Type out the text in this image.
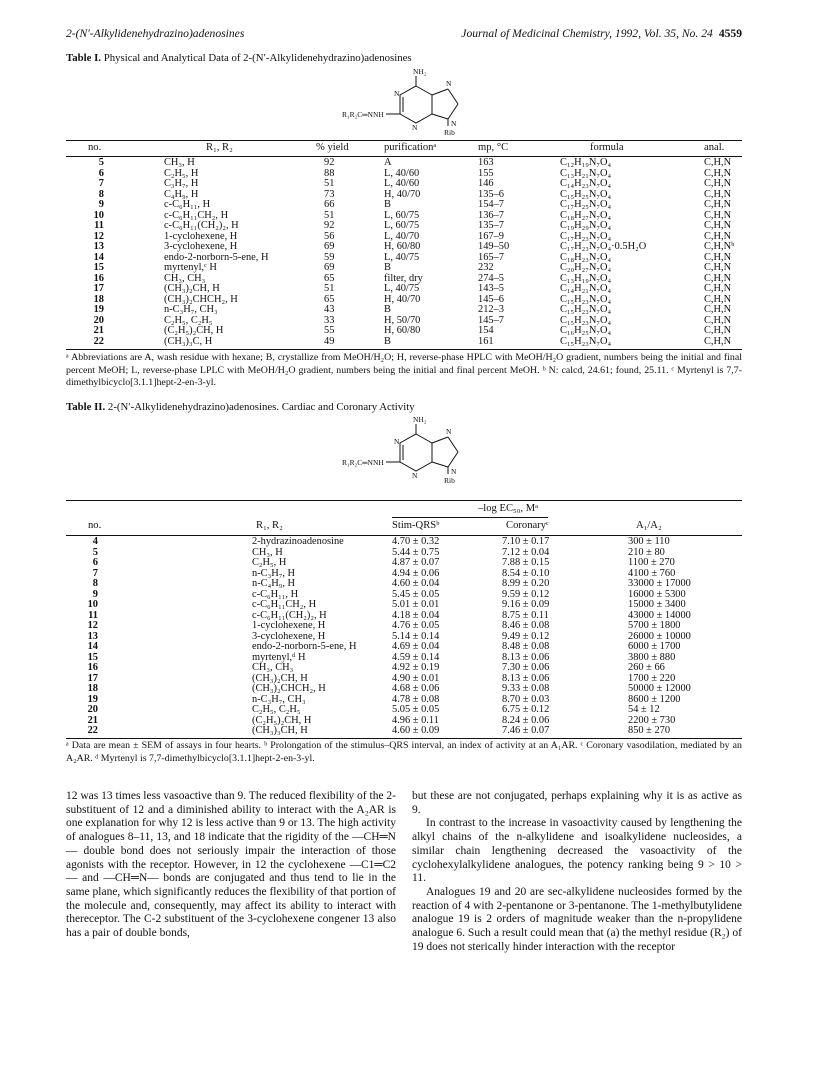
2-(N′-Alkylidenehydrazino)adenosines	Journal of Medicinal Chemistry, 1992, Vol. 35, No. 24 4559
Table I. Physical and Analytical Data of 2-(N′-Alkylidenehydrazino)adenosines
NH₂
R₁R₂C═NNH
Rib
N
N
N
N
no.	R₁, R₂	% yield	purificationᵃ	mp, °C	formula	anal.
5	CH₃, H	92	A	163	C₁₂H₁₉N₇O₄	C,H,N
6	C₂H₅, H	88	L, 40/60	155	C₁₃H₂₁N₇O₄	C,H,N
7	C₃H₇, H	51	L, 40/60	146	C₁₄H₂₃N₇O₄	C,H,N
8	C₄H₉, H	73	H, 40/70	135–6	C₁₅H₂₅N₇O₄	C,H,N
9	c-C₆H₁₁, H	66	B	154–7	C₁₇H₂₅N₇O₄	C,H,N
10	c-C₆H₁₁CH₂, H	51	L, 60/75	136–7	C₁₈H₂₇N₇O₄	C,H,N
11	c-C₆H₁₁(CH₂)₂, H	92	L, 60/75	135–7	C₁₉H₂₉N₇O₄	C,H,N
12	1-cyclohexene, H	56	L, 40/70	167–9	C₁₇H₂₃N₇O₄	C,H,N
13	3-cyclohexene, H	69	H, 60/80	149–50	C₁₇H₂₃N₇O₄·0.5H₂O	C,H,Nᵇ
14	endo-2-norborn-5-ene, H	59	L, 40/75	165–7	C₁₈H₂₃N₇O₄	C,H,N
15	myrtenyl,ᶜ H	69	B	232	C₂₀H₂₇N₇O₄	C,H,N
16	CH₃, CH₃	65	filter, dry	274–5	C₁₃H₁₉N₇O₄	C,H,N
17	(CH₃)₂CH, H	51	L, 40/75	143–5	C₁₄H₂₁N₇O₄	C,H,N
18	(CH₃)₂CHCH₂, H	65	H, 40/70	145–6	C₁₅H₂₃N₇O₄	C,H,N
19	n-C₃H₇, CH₃	43	B	212–3	C₁₅H₂₃N₇O₄	C,H,N
20	C₂H₅, C₂H₅	33	H, 50/70	145–7	C₁₅H₂₃N₇O₄	C,H,N
21	(C₂H₅)₂CH, H	55	H, 60/80	154	C₁₆H₂₅N₇O₄	C,H,N
22	(CH₃)₃C, H	49	B	161	C₁₅H₂₃N₇O₄	C,H,N
ᵃ Abbreviations are A, wash residue with hexane; B, crystallize from MeOH/H₂O; H, reverse-phase HPLC with MeOH/H₂O gradient, numbers being the initial and final percent MeOH; L, reverse-phase LPLC with MeOH/H₂O gradient, numbers being the initial and final percent MeOH. ᵇ N: calcd, 24.61; found, 25.11. ᶜ Myrtenyl is 7,7-dimethylbicyclo[3.1.1]hept-2-en-3-yl.
Table II. 2-(N′-Alkylidenehydrazino)adenosines. Cardiac and Coronary Activity
NH₂
R₁R₂C═NNH
Rib
N
N
N
N
–log EC₅₀, Mᵃ
no.	R₁, R₂	Stim-QRSᵇ	Coronaryᶜ	A₁/A₂
4	2-hydrazinoadenosine	4.70 ± 0.32	7.10 ± 0.17	300 ± 110
5	CH₃, H	5.44 ± 0.75	7.12 ± 0.04	210 ± 80
6	C₂H₅, H	4.87 ± 0.07	7.88 ± 0.15	1100 ± 270
7	n-C₃H₇, H	4.94 ± 0.06	8.54 ± 0.10	4100 ± 760
8	n-C₄H₉, H	4.60 ± 0.04	8.99 ± 0.20	33000 ± 17000
9	c-C₆H₁₁, H	5.45 ± 0.05	9.59 ± 0.12	16000 ± 5300
10	c-C₆H₁₁CH₂, H	5.01 ± 0.01	9.16 ± 0.09	15000 ± 3400
11	c-C₆H₁₁(CH₂)₂, H	4.18 ± 0.04	8.75 ± 0.11	43000 ± 14000
12	1-cyclohexene, H	4.76 ± 0.05	8.46 ± 0.08	5700 ± 1800
13	3-cyclohexene, H	5.14 ± 0.14	9.49 ± 0.12	26000 ± 10000
14	endo-2-norborn-5-ene, H	4.69 ± 0.04	8.48 ± 0.08	6000 ± 1700
15	myrtenyl,ᵈ H	4.59 ± 0.14	8.13 ± 0.06	3800 ± 880
16	CH₃, CH₃	4.92 ± 0.19	7.30 ± 0.06	260 ± 66
17	(CH₃)₂CH, H	4.90 ± 0.01	8.13 ± 0.06	1700 ± 220
18	(CH₃)₂CHCH₂, H	4.68 ± 0.06	9.33 ± 0.08	50000 ± 12000
19	n-C₃H₇, CH₃	4.78 ± 0.08	8.70 ± 0.03	8600 ± 1200
20	C₂H₅, C₂H₅	5.05 ± 0.05	6.75 ± 0.12	54 ± 12
21	(C₂H₅)₂CH, H	4.96 ± 0.11	8.24 ± 0.06	2200 ± 730
22	(CH₃)₃CH, H	4.60 ± 0.09	7.46 ± 0.07	850 ± 270
ᵃ Data are mean ± SEM of assays in four hearts. ᵇ Prolongation of the stimulus–QRS interval, an index of activity at an A₁AR. ᶜ Coronary vasodilation, mediated by an A₂AR. ᵈ Myrtenyl is 7,7-dimethylbicyclo[3.1.1]hept-2-en-3-yl.

12 was 13 times less vasoactive than 9. The reduced flexibility of the 2-substituent of 12 and a diminished ability to interact with the A₂AR is one explanation for why 12 is less active than 9 or 13. The high activity of analogues 8–11, 13, and 18 indicate that the rigidity of the —CH═N— double bond does not seriously impair the interaction of those agonists with the receptor. However, in 12 the cyclohexene —C1═C2— and —CH═N— bonds are conjugated and thus tend to lie in the same plane, which significantly reduces the flexibility of that portion of the molecule and, consequently, may affect its ability to interact with thereceptor. The C-2 substituent of the 3-cyclohexene congener 13 also has a pair of double bonds,

but these are not conjugated, perhaps explaining why it is as active as 9.

In contrast to the increase in vasoactivity caused by lengthening the alkyl chains of the n-alkylidene and isoalkylidene nucleosides, a similar chain lengthening decreased the vasoactivity of the cyclohexylalkylidene analogues, the potency ranking being 9 > 10 > 11.

Analogues 19 and 20 are sec-alkylidene nucleosides formed by the reaction of 4 with 2-pentanone or 3-pentanone. The 1-methylbutylidene analogue 19 is 2 orders of magnitude weaker than the n-propylidene analogue 6. Such a result could mean that (a) the methyl residue (R₂) of 19 does not sterically hinder interaction with the receptor
